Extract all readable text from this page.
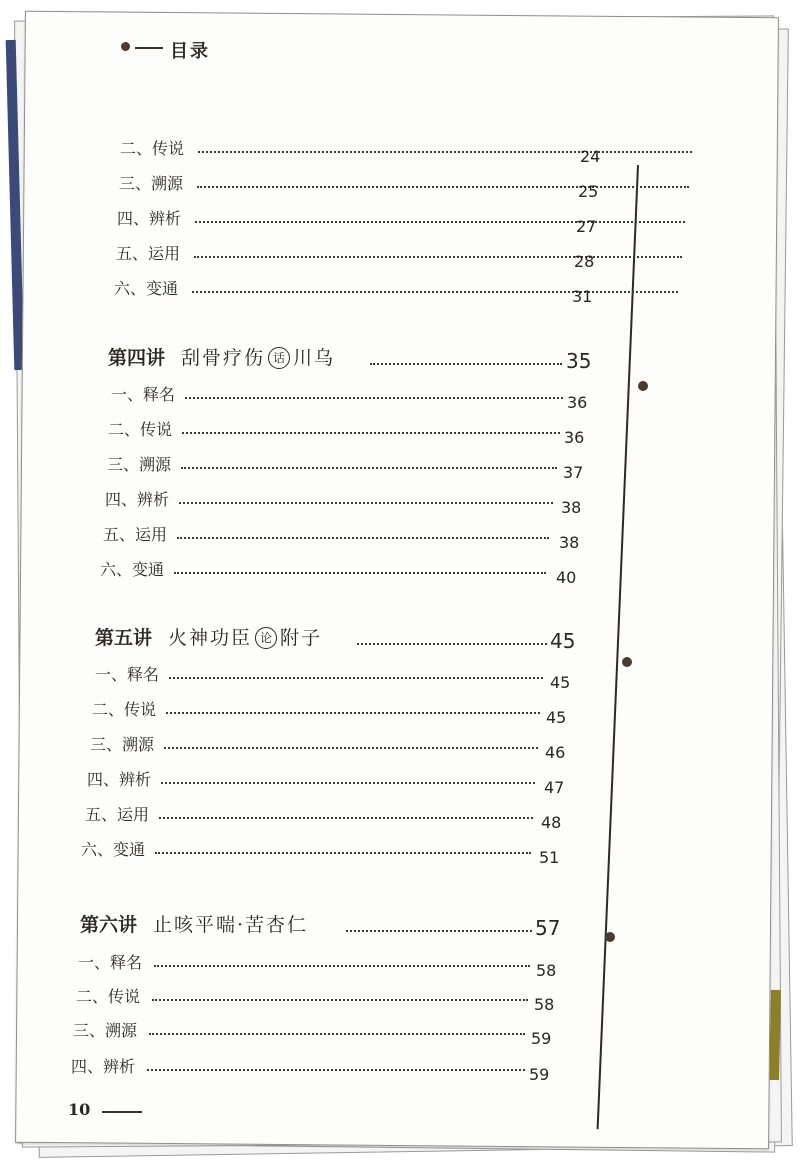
目录
二、传说	24
三、溯源	25
四、辨析	27
五、运用	28
六、变通	31
第四讲 刮骨疗伤 话 川乌	35
一、释名	36
二、传说	36
三、溯源	37
四、辨析	38
五、运用	38
六、变通	40
第五讲 火神功臣 论 附子	45
一、释名	45
二、传说	45
三、溯源	46
四、辨析	47
五、运用	48
六、变通	51
第六讲 止咳平喘·苦杏仁	57
一、释名	58
二、传说	58
三、溯源	59
四、辨析	59
10
